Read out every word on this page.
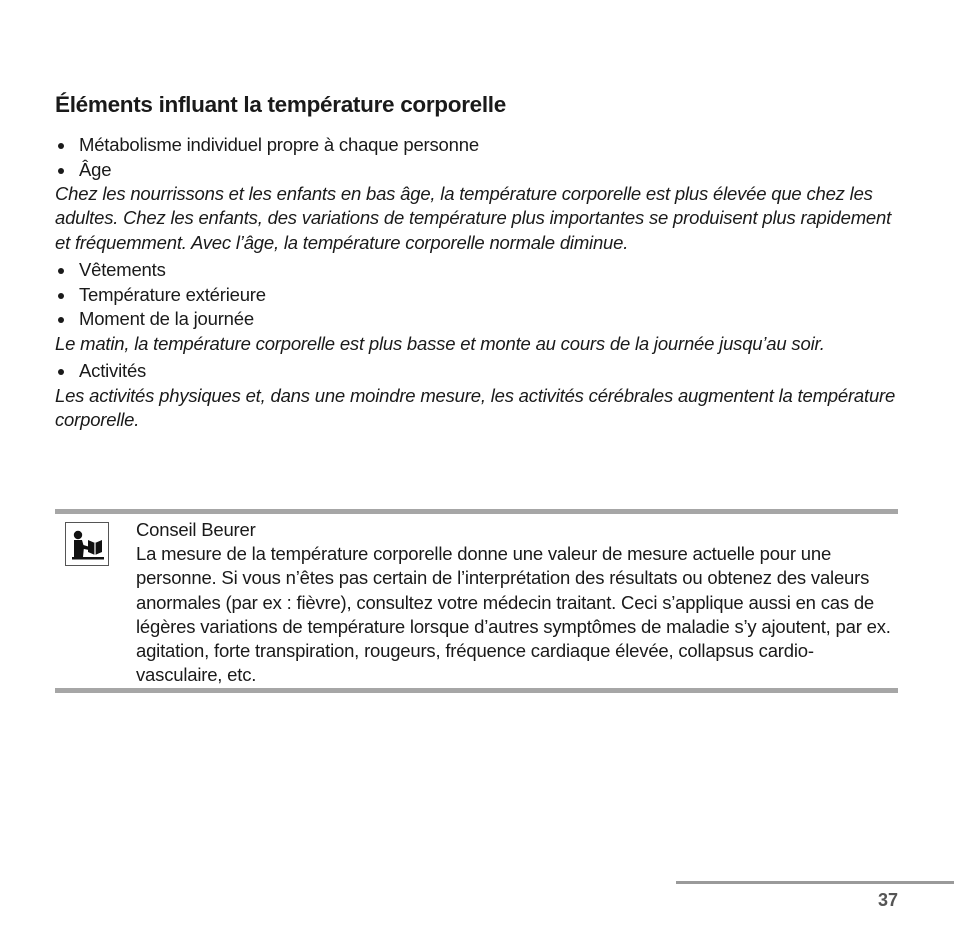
Éléments influant la température corporelle
Métabolisme individuel propre à chaque personne
Âge

Chez les nourrissons et les enfants en bas âge, la température corporelle est plus élevée que chez les adultes. Chez les enfants, des variations de température plus importantes se produisent plus rapidement et fréquemment. Avec l’âge, la température corporelle normale diminue.

Vêtements
Température extérieure
Moment de la journée

Le matin, la température corporelle est plus basse et monte au cours de la journée jusqu’au soir.

Activités

Les activités physiques et, dans une moindre mesure, les activités cérébrales augmentent la température corporelle.

Conseil Beurer
La mesure de la température corporelle donne une valeur de mesure actuelle pour une personne. Si vous n’êtes pas certain de l’interprétation des résultats ou obtenez des valeurs anormales (par ex : fièvre), consultez votre médecin traitant. Ceci s’applique aussi en cas de légères variations de température lorsque d’autres symptômes de maladie s’y ajoutent, par ex. agitation, forte transpiration, rougeurs, fréquence cardiaque élevée, collapsus cardio-vasculaire, etc.
37
